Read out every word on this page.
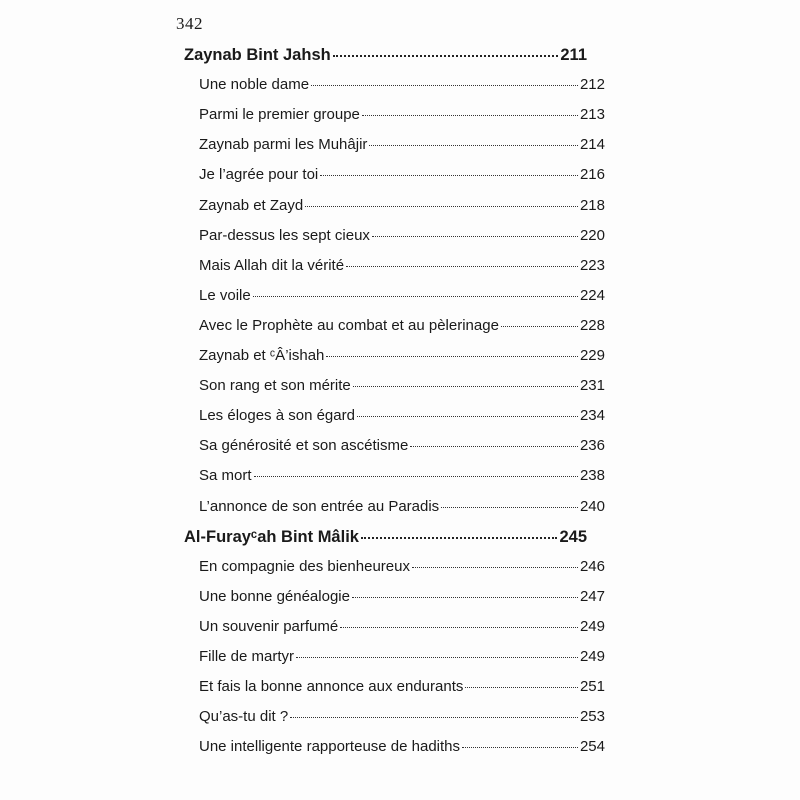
342
Zaynab Bint Jahsh	211
Une noble dame	212
Parmi le premier groupe	213
Zaynab parmi les Muhâjir	214
Je l’agrée pour toi	216
Zaynab et Zayd	218
Par-dessus les sept cieux	220
Mais Allah dit la vérité	223
Le voile	224
Avec le Prophète au combat et au pèlerinage	228
Zaynab et ᶜÂ’ishah	229
Son rang et son mérite	231
Les éloges à son égard	234
Sa générosité et son ascétisme	236
Sa mort	238
L’annonce de son entrée au Paradis	240
Al-Furayᶜah Bint Mâlik	245
En compagnie des bienheureux	246
Une bonne généalogie	247
Un souvenir parfumé	249
Fille de martyr	249
Et fais la bonne annonce aux endurants	251
Qu’as-tu dit ?	253
Une intelligente rapporteuse de hadiths	254
